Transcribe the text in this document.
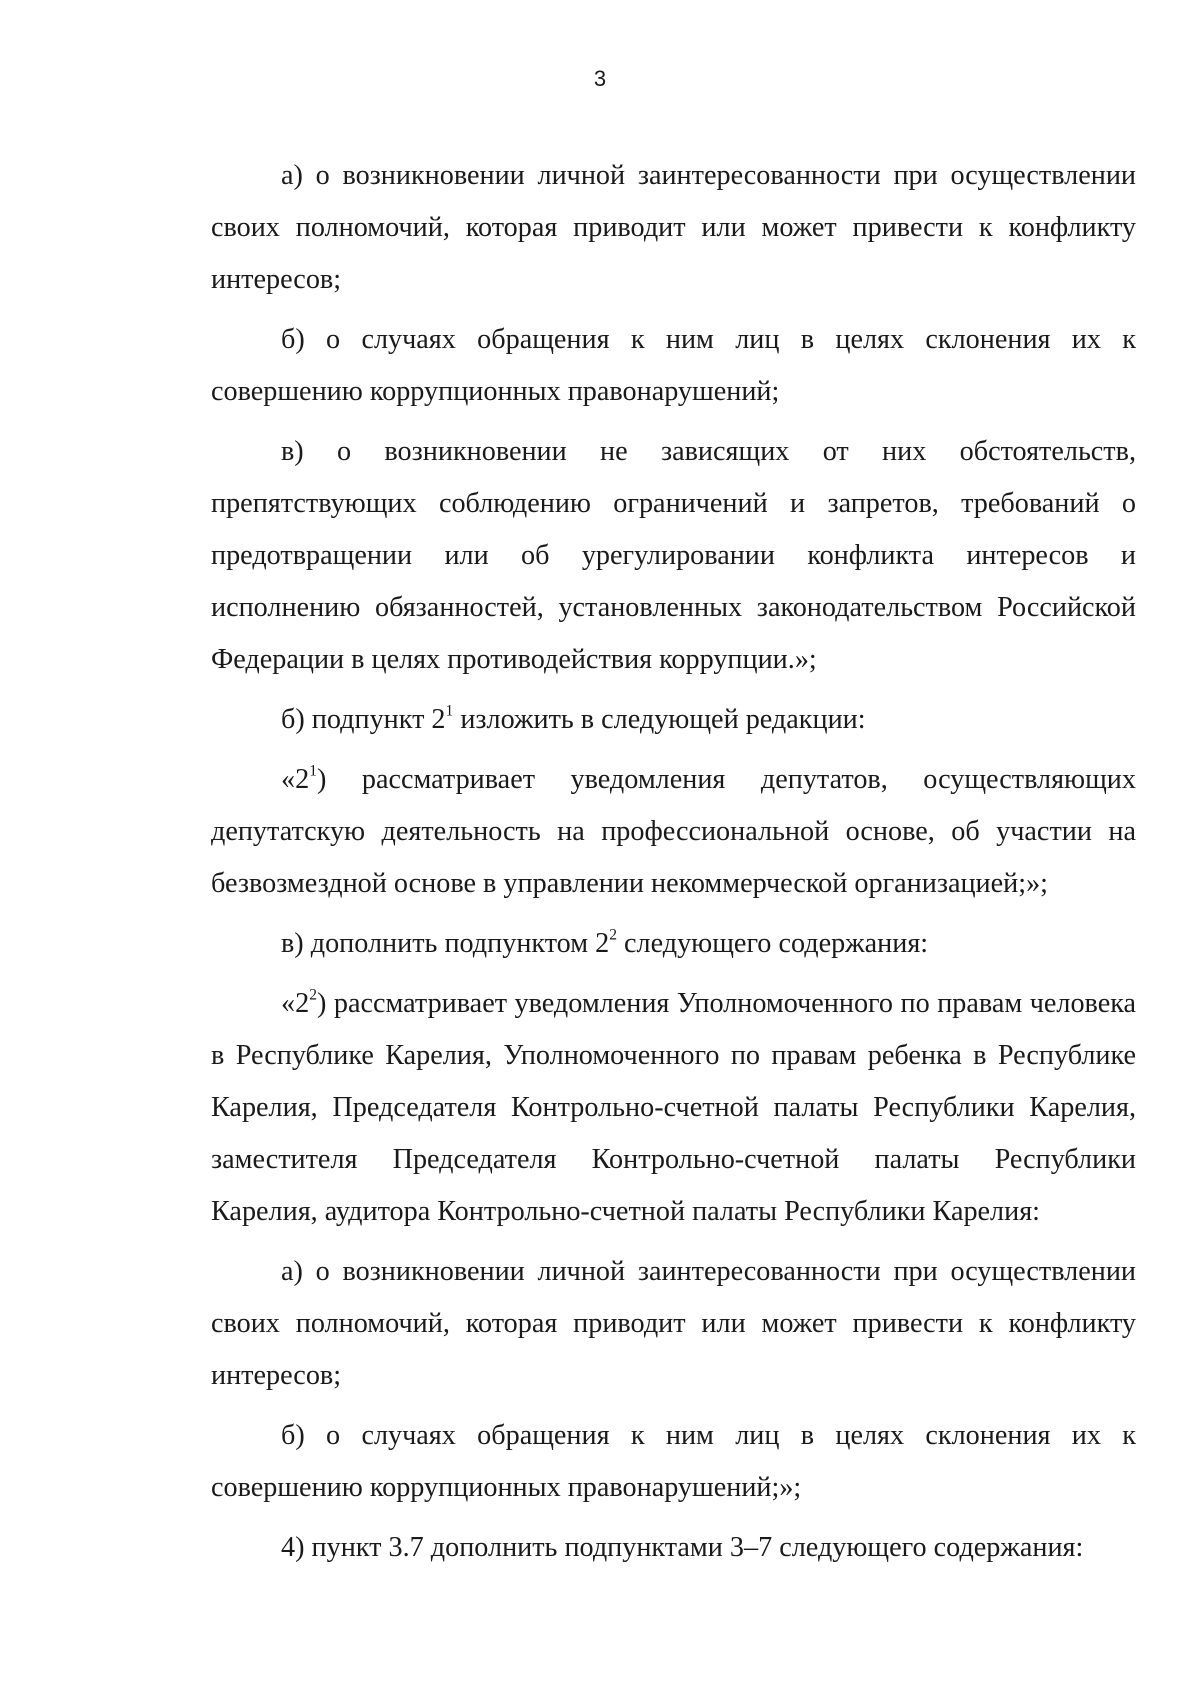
3

а) о возникновении личной заинтересованности при осуществлении своих полномочий, которая приводит или может привести к конфликту интересов;

б) о случаях обращения к ним лиц в целях склонения их к совершению коррупционных правонарушений;

в) о возникновении не зависящих от них обстоятельств, препятствующих соблюдению ограничений и запретов, требований о предотвращении или об урегулировании конфликта интересов и исполнению обязанностей, установленных законодательством Российской Федерации в целях противодействия коррупции.»;

б) подпункт $2^1$ изложить в следующей редакции:

«$2^1$) рассматривает уведомления депутатов, осуществляющих депутатскую деятельность на профессиональной основе, об участии на безвозмездной основе в управлении некоммерческой организацией;»;

в) дополнить подпунктом $2^2$ следующего содержания:

«$2^2$) рассматривает уведомления Уполномоченного по правам человека в Республике Карелия, Уполномоченного по правам ребенка в Республике Карелия, Председателя Контрольно-счетной палаты Республики Карелия, заместителя Председателя Контрольно-счетной палаты Республики Карелия, аудитора Контрольно-счетной палаты Республики Карелия:

а) о возникновении личной заинтересованности при осуществлении своих полномочий, которая приводит или может привести к конфликту интересов;

б) о случаях обращения к ним лиц в целях склонения их к совершению коррупционных правонарушений;»;

4) пункт 3.7 дополнить подпунктами 3–7 следующего содержания:
